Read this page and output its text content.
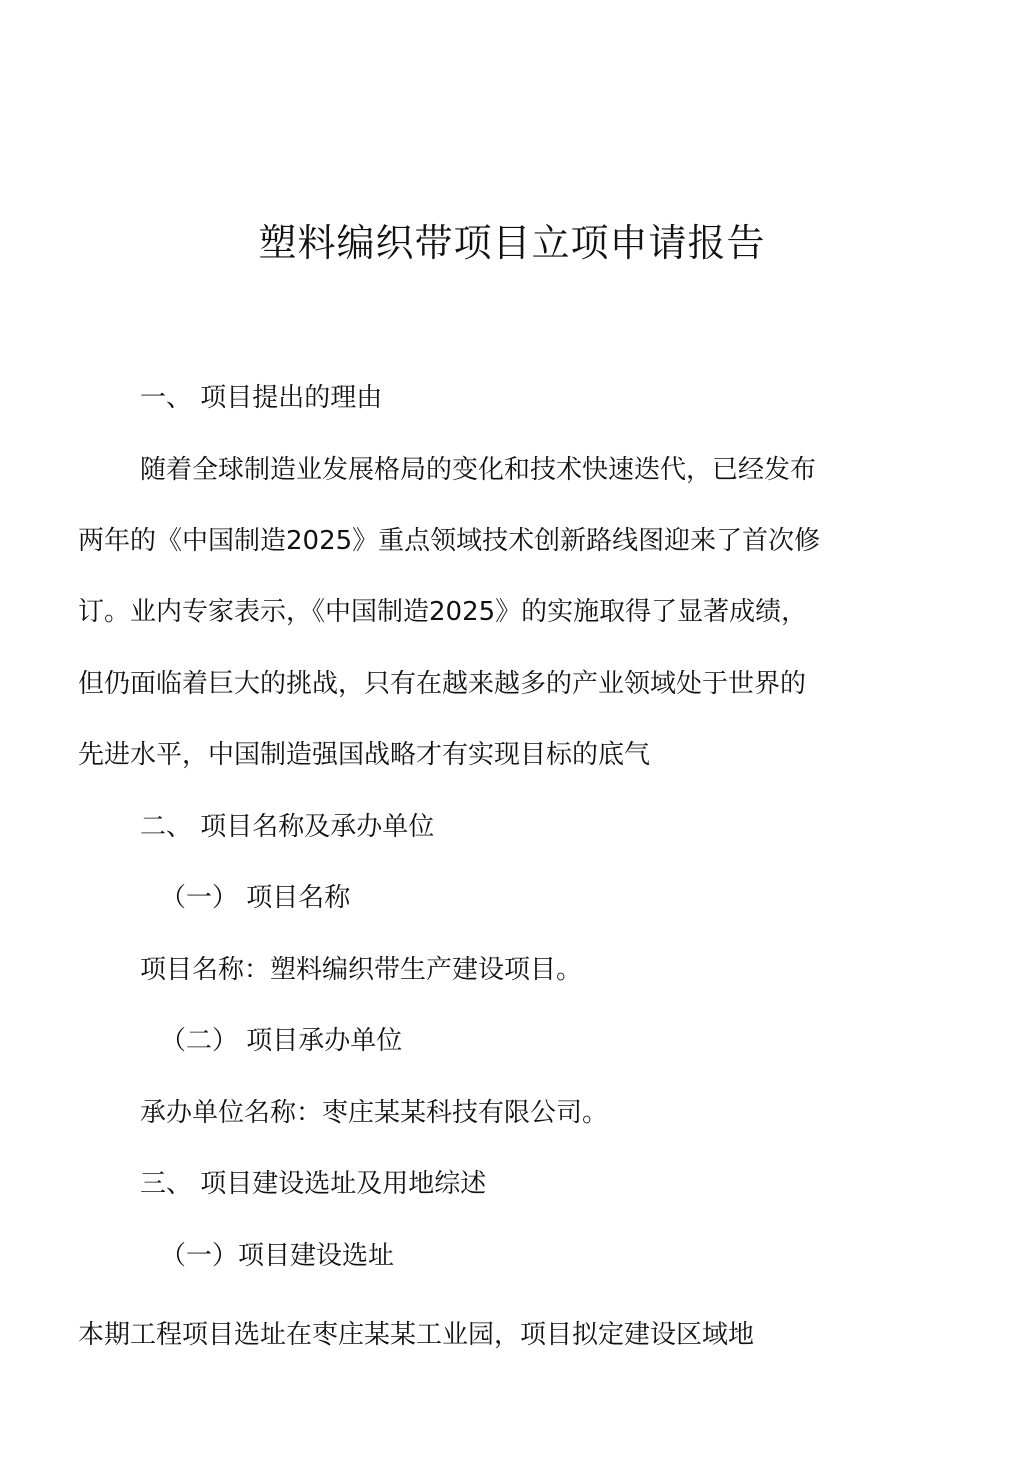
塑料编织带项目立项申请报告
一、 项目提出的理由
随着全球制造业发展格局的变化和技术快速迭代，已经发布
两年的《中国制造2025》重点领域技术创新路线图迎来了首次修
订。业内专家表示，《中国制造2025》的实施取得了显著成绩，
但仍面临着巨大的挑战，只有在越来越多的产业领域处于世界的
先进水平，中国制造强国战略才有实现目标的底气
二、 项目名称及承办单位
（一） 项目名称
项目名称：塑料编织带生产建设项目。
（二） 项目承办单位
承办单位名称：枣庄某某科技有限公司。
三、 项目建设选址及用地综述
（一）项目建设选址
本期工程项目选址在枣庄某某工业园，项目拟定建设区域地
